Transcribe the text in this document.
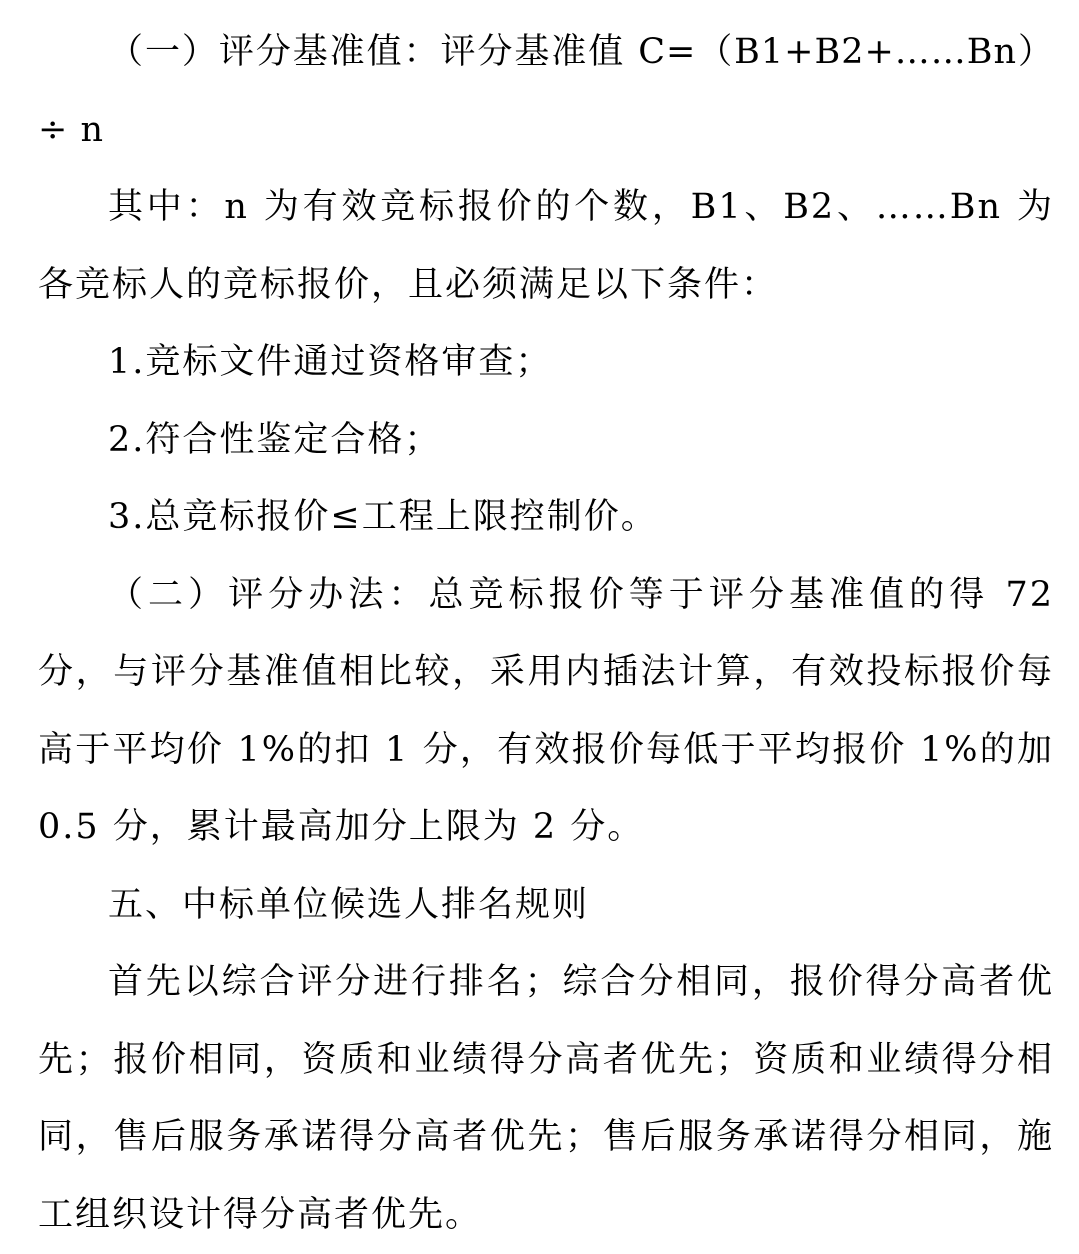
（一）评分基准值：评分基准值 C=（B1+B2+……Bn）÷ n

其中：n 为有效竞标报价的个数，B1、B2、……Bn 为各竞标人的竞标报价，且必须满足以下条件：

1.竞标文件通过资格审查；

2.符合性鉴定合格；

3.总竞标报价≤工程上限控制价。

（二）评分办法：总竞标报价等于评分基准值的得 72 分，与评分基准值相比较，采用内插法计算，有效投标报价每高于平均价 1%的扣 1 分，有效报价每低于平均报价 1%的加 0.5 分，累计最高加分上限为 2 分。

五、中标单位候选人排名规则

首先以综合评分进行排名；综合分相同，报价得分高者优先；报价相同，资质和业绩得分高者优先；资质和业绩得分相同，售后服务承诺得分高者优先；售后服务承诺得分相同，施工组织设计得分高者优先。
